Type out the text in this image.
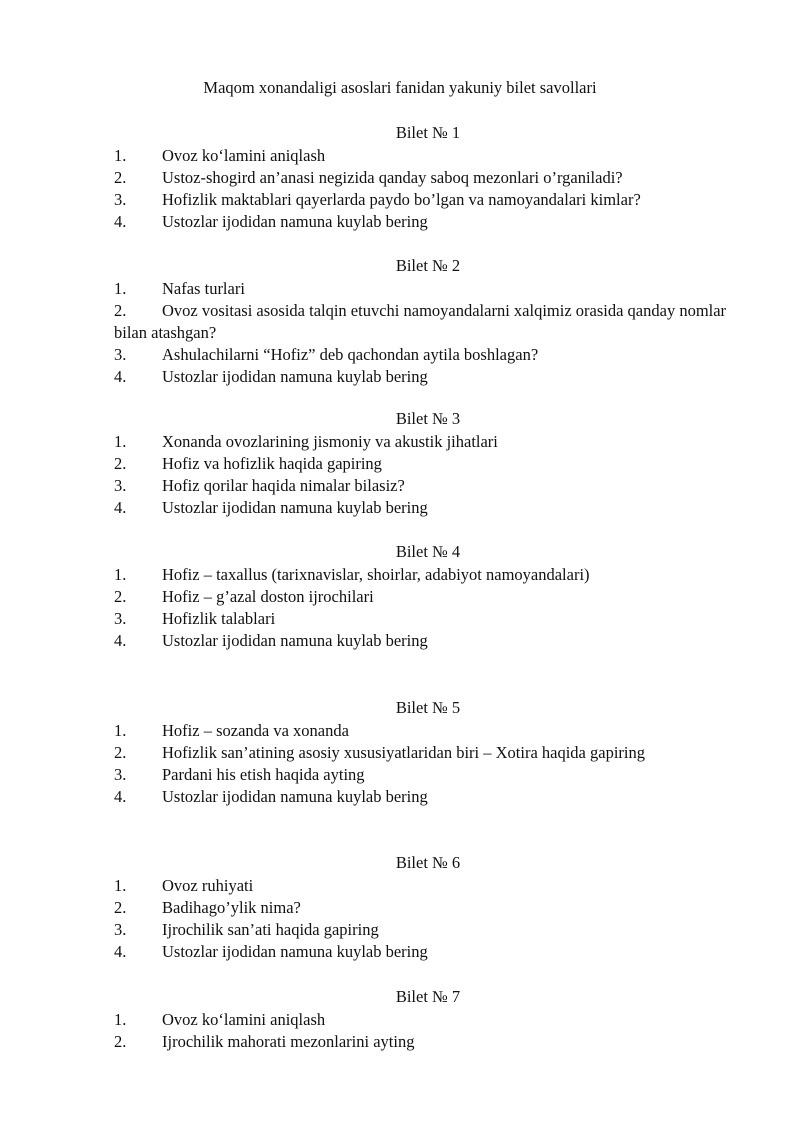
Maqom xonandaligi asoslari fanidan yakuniy bilet savollari
Bilet № 1
1. Ovoz koʻlamini aniqlash
2. Ustoz-shogird an’anasi negizida qanday saboq mezonlari o’rganiladi?
3. Hofizlik maktablari qayerlarda paydo bo’lgan va namoyandalari kimlar?
4. Ustozlar ijodidan namuna kuylab bering
Bilet № 2
1. Nafas turlari
2. Ovoz vositasi asosida talqin etuvchi namoyandalarni xalqimiz orasida qanday nomlar bilan atashgan?
3. Ashulachilarni “Hofiz” deb qachondan aytila boshlagan?
4. Ustozlar ijodidan namuna kuylab bering
Bilet № 3
1. Xonanda ovozlarining jismoniy va akustik jihatlari
2. Hofiz va hofizlik haqida gapiring
3. Hofiz qorilar haqida nimalar bilasiz?
4. Ustozlar ijodidan namuna kuylab bering
Bilet № 4
1. Hofiz – taxallus (tarixnavislar, shoirlar, adabiyot namoyandalari)
2. Hofiz – g’azal doston ijrochilari
3. Hofizlik talablari
4. Ustozlar ijodidan namuna kuylab bering
Bilet № 5
1. Hofiz – sozanda va xonanda
2. Hofizlik san’atining asosiy xususiyatlaridan biri – Xotira haqida gapiring
3. Pardani his etish haqida ayting
4. Ustozlar ijodidan namuna kuylab bering
Bilet № 6
1. Ovoz ruhiyati
2. Badihago’ylik nima?
3. Ijrochilik san’ati haqida gapiring
4. Ustozlar ijodidan namuna kuylab bering
Bilet № 7
1. Ovoz koʻlamini aniqlash
2. Ijrochilik mahorati mezonlarini ayting
